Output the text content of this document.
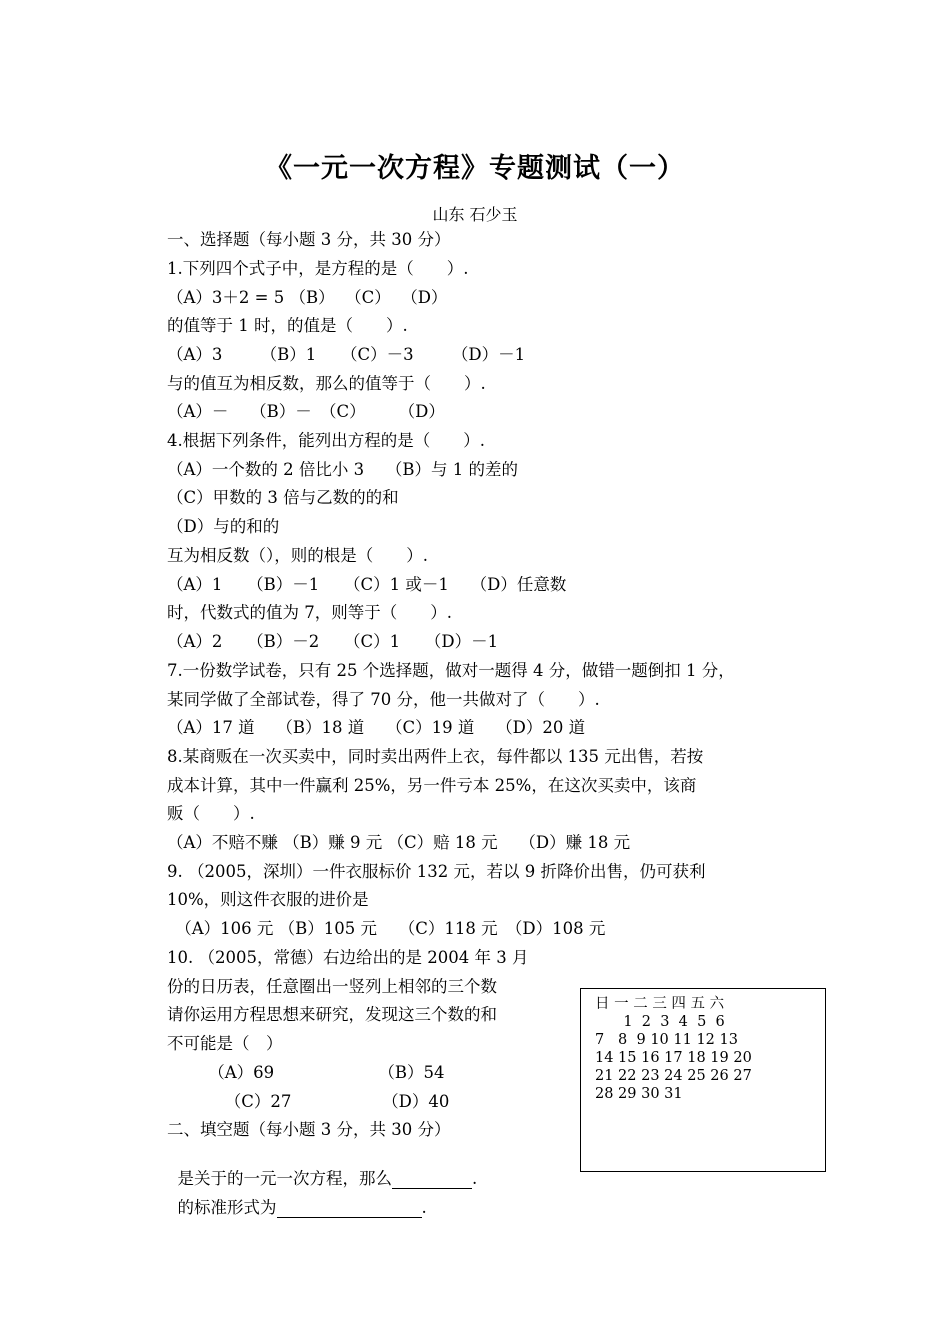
《一元一次方程》专题测试（一）
山东 石少玉
一、选择题（每小题 3 分，共 30 分）
1.下列四个式子中，是方程的是（　　）.
（A）3＋2 = 5 （B）  （C）  （D）
的值等于 1 时，的值是（　　）.
（A）3　　 （B）1　　（C）－3　　 （D）－1
与的值互为相反数，那么的值等于（　　）.
（A）－　 （B）－　（C）　　　（D）
4.根据下列条件，能列出方程的是（　　）.
（A）一个数的 2 倍比小 3　 （B）与 1 的差的
（C）甲数的 3 倍与乙数的的和
（D）与的和的
互为相反数（），则的根是（　　）.
（A）1　　（B）－1　　（C）1 或－1　 （D）任意数
时，代数式的值为 7，则等于（　　）.
（A）2　　（B）－2　　（C）1　　（D）－1
7.一份数学试卷，只有 25 个选择题，做对一题得 4 分，做错一题倒扣 1 分，
某同学做了全部试卷，得了 70 分，他一共做对了（　　）.
（A）17 道　 （B）18 道　 （C）19 道　 （D）20 道
8.某商贩在一次买卖中，同时卖出两件上衣，每件都以 135 元出售，若按
成本计算，其中一件赢利 25%，另一件亏本 25%，在这次买卖中，该商
贩（　　）.
（A）不赔不赚 （B）赚 9 元 （C）赔 18 元　 （D）赚 18 元
9. （2005，深圳）一件衣服标价 132 元，若以 9 折降价出售，仍可获利
10%，则这件衣服的进价是
　（A）106 元 （B）105 元　 （C）118 元　（D）108 元
10. （2005，常德）右边给出的是 2004 年 3 月
份的日历表，任意圈出一竖列上相邻的三个数
请你运用方程思想来研究，发现这三个数的和
不可能是（　）
　　　（A）69　　　　　　 （B）54
　　　　（C）27　　　　　　（D）40
二、填空题（每小题 3 分，共 30 分）

是关于的一元一次方程，那么	.

的标准形式为	.

日 一 二 三 四 五 六
　   1  2  3  4  5  6
7   8  9 10 11 12 13
14 15 16 17 18 19 20
21 22 23 24 25 26 27
28 29 30 31
